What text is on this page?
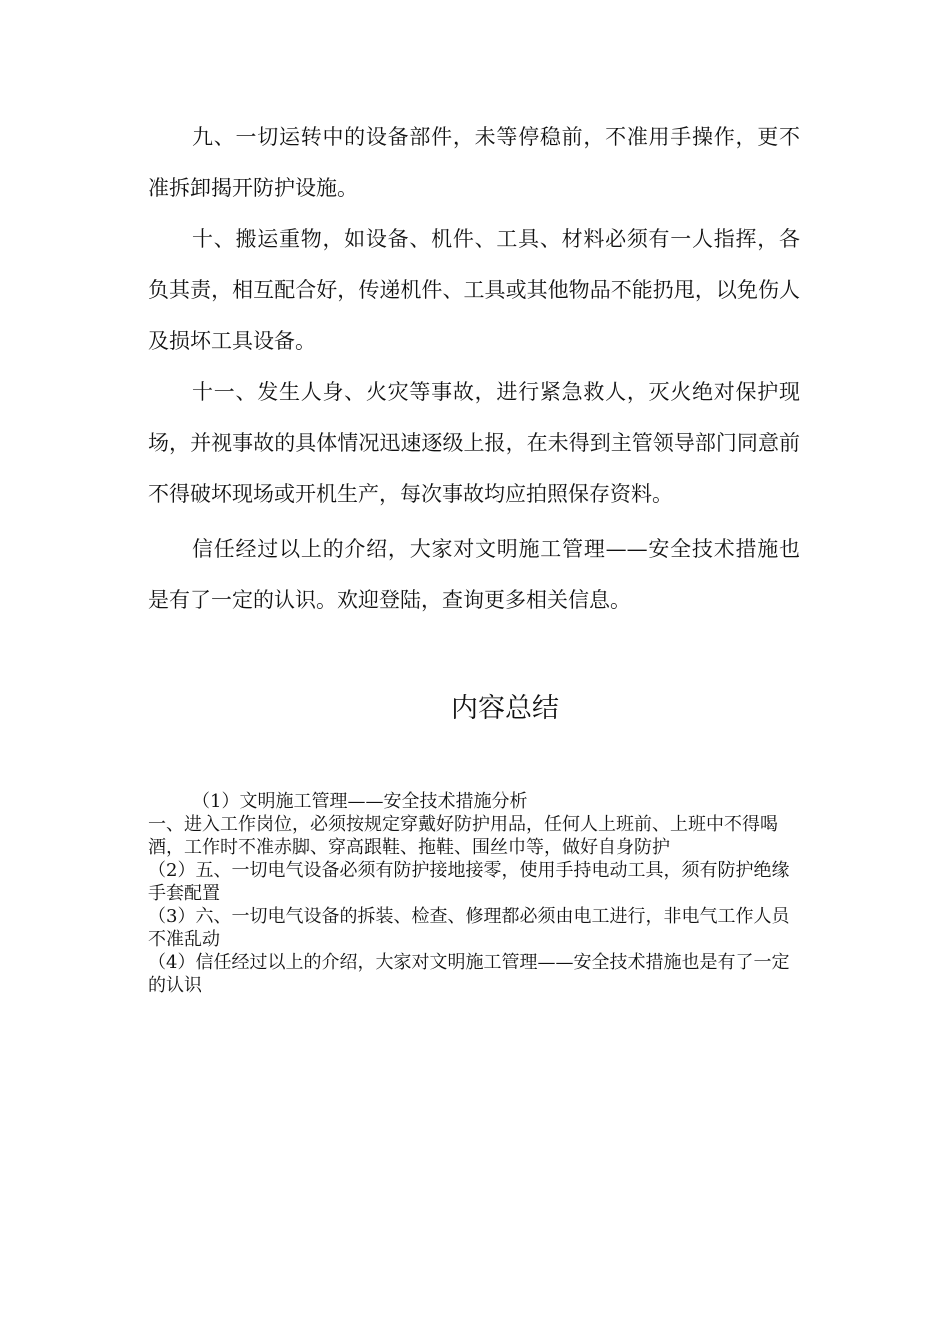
九、一切运转中的设备部件，未等停稳前，不准用手操作，更不准拆卸揭开防护设施。

十、搬运重物，如设备、机件、工具、材料必须有一人指挥，各负其责，相互配合好，传递机件、工具或其他物品不能扔甩，以免伤人及损坏工具设备。

十一、发生人身、火灾等事故，进行紧急救人，灭火绝对保护现场，并视事故的具体情况迅速逐级上报，在未得到主管领导部门同意前不得破坏现场或开机生产，每次事故均应拍照保存资料。

信任经过以上的介绍，大家对文明施工管理——安全技术措施也是有了一定的认识。欢迎登陆，查询更多相关信息。

内容总结
（1）文明施工管理——安全技术措施分析
一、进入工作岗位，必须按规定穿戴好防护用品，任何人上班前、上班中不得喝酒，工作时不准赤脚、穿高跟鞋、拖鞋、围丝巾等，做好自身防护
（2）五、一切电气设备必须有防护接地接零，使用手持电动工具，须有防护绝缘手套配置
（3）六、一切电气设备的拆装、检查、修理都必须由电工进行，非电气工作人员不准乱动
（4）信任经过以上的介绍，大家对文明施工管理——安全技术措施也是有了一定的认识
